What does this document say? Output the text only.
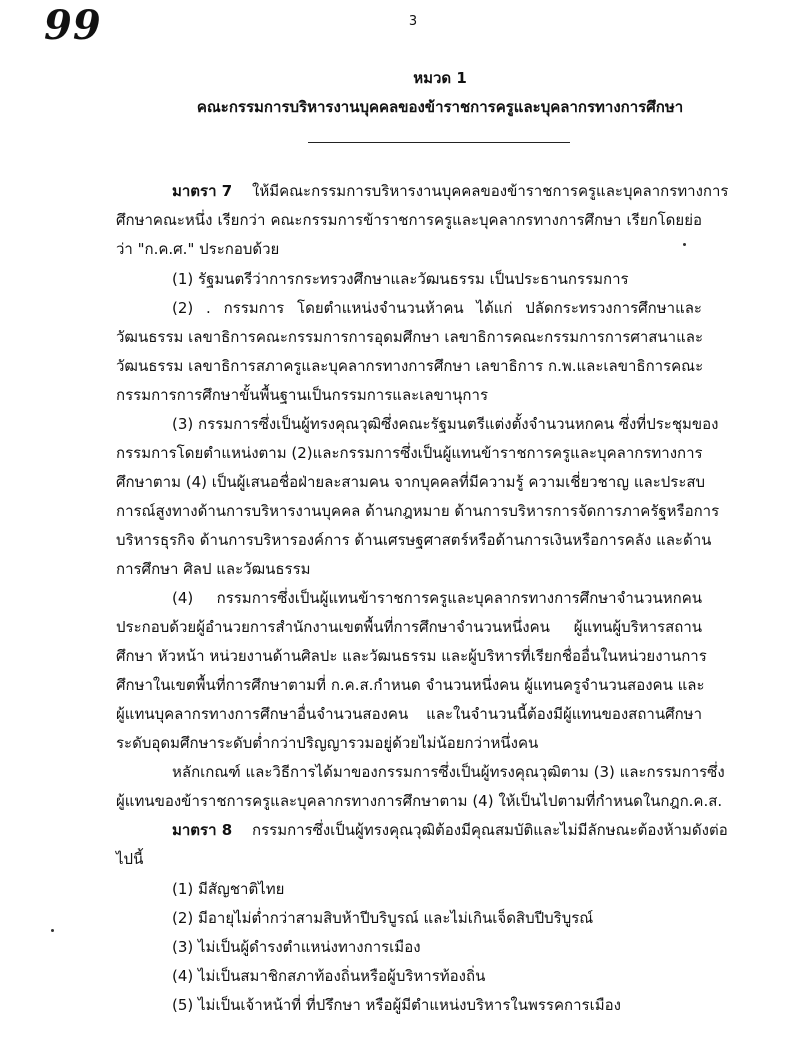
99	3
หมวด 1
คณะกรรมการบริหารงานบุคคลของข้าราชการครูและบุคลากรทางการศึกษา
มาตรา 7 ให้มีคณะกรรมการบริหารงานบุคคลของข้าราชการครูและบุคลากรทางการ
ศึกษาคณะหนึ่ง เรียกว่า คณะกรรมการข้าราชการครูและบุคลากรทางการศึกษา เรียกโดยย่อ
ว่า "ก.ค.ศ." ประกอบด้วย
(1) รัฐมนตรีว่าการกระทรวงศึกษาและวัฒนธรรม เป็นประธานกรรมการ
(2) . กรรมการ โดยตำแหน่งจำนวนห้าคน ได้แก่ ปลัดกระทรวงการศึกษาและ
วัฒนธรรม เลขาธิการคณะกรรมการการอุดมศึกษา เลขาธิการคณะกรรมการการศาสนาและ
วัฒนธรรม เลขาธิการสภาครูและบุคลากรทางการศึกษา เลขาธิการ ก.พ.และเลขาธิการคณะ
กรรมการการศึกษาขั้นพื้นฐานเป็นกรรมการและเลขานุการ
(3) กรรมการซึ่งเป็นผู้ทรงคุณวุฒิซึ่งคณะรัฐมนตรีแต่งตั้งจำนวนหกคน ซึ่งที่ประชุมของ
กรรมการโดยตำแหน่งตาม (2)และกรรมการซึ่งเป็นผู้แทนข้าราชการครูและบุคลากรทางการ
ศึกษาตาม (4) เป็นผู้เสนอชื่อฝ่ายละสามคน จากบุคคลที่มีความรู้ ความเชี่ยวชาญ และประสบ
การณ์สูงทางด้านการบริหารงานบุคคล ด้านกฎหมาย ด้านการบริหารการจัดการภาครัฐหรือการ
บริหารธุรกิจ ด้านการบริหารองค์การ ด้านเศรษฐศาสตร์หรือด้านการเงินหรือการคลัง และด้าน
การศึกษา ศิลป และวัฒนธรรม
(4) กรรมการซึ่งเป็นผู้แทนข้าราชการครูและบุคลากรทางการศึกษาจำนวนหกคน
ประกอบด้วยผู้อำนวยการสำนักงานเขตพื้นที่การศึกษาจำนวนหนึ่งคน ผู้แทนผู้บริหารสถาน
ศึกษา หัวหน้า หน่วยงานด้านศิลปะ และวัฒนธรรม และผู้บริหารที่เรียกชื่ออื่นในหน่วยงานการ
ศึกษาในเขตพื้นที่การศึกษาตามที่ ก.ค.ส.กำหนด จำนวนหนึ่งคน ผู้แทนครูจำนวนสองคน และ
ผู้แทนบุคลากรทางการศึกษาอื่นจำนวนสองคน และในจำนวนนี้ต้องมีผู้แทนของสถานศึกษา
ระดับอุดมศึกษาระดับต่ำกว่าปริญญารวมอยู่ด้วยไม่น้อยกว่าหนึ่งคน
หลักเกณฑ์ และวิธีการได้มาของกรรมการซึ่งเป็นผู้ทรงคุณวุฒิตาม (3) และกรรมการซึ่ง
ผู้แทนของข้าราชการครูและบุคลากรทางการศึกษาตาม (4) ให้เป็นไปตามที่กำหนดในกฎก.ค.ส.
มาตรา 8 กรรมการซึ่งเป็นผู้ทรงคุณวุฒิต้องมีคุณสมบัติและไม่มีลักษณะต้องห้ามดังต่อ
ไปนี้
(1) มีสัญชาติไทย
(2) มีอายุไม่ต่ำกว่าสามสิบห้าปีบริบูรณ์ และไม่เกินเจ็ดสิบปีบริบูรณ์
(3) ไม่เป็นผู้ดำรงตำแหน่งทางการเมือง
(4) ไม่เป็นสมาชิกสภาท้องถิ่นหรือผู้บริหารท้องถิ่น
(5) ไม่เป็นเจ้าหน้าที่ ที่ปรึกษา หรือผู้มีตำแหน่งบริหารในพรรคการเมือง
